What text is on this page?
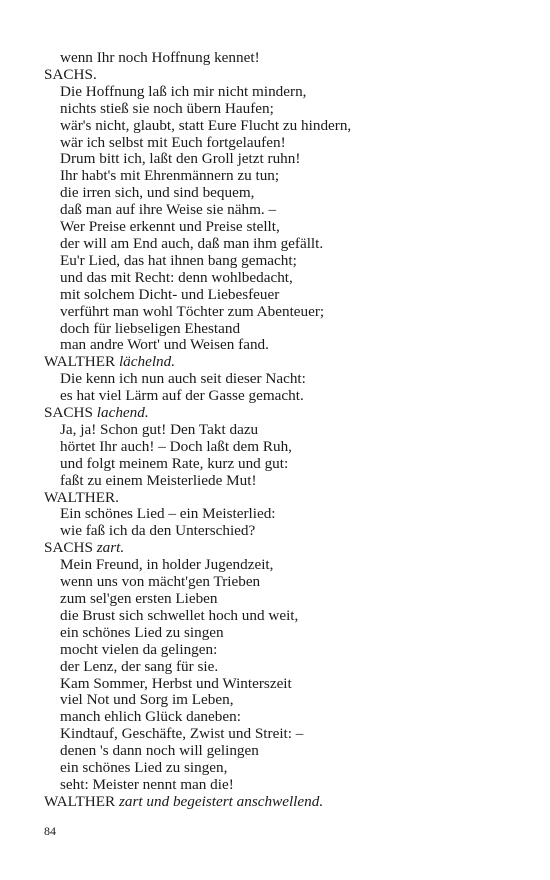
wenn Ihr noch Hoffnung kennet!
SACHS.
Die Hoffnung laß ich mir nicht mindern,
nichts stieß sie noch übern Haufen;
wär's nicht, glaubt, statt Eure Flucht zu hindern,
wär ich selbst mit Euch fortgelaufen!
Drum bitt ich, laßt den Groll jetzt ruhn!
Ihr habt's mit Ehrenmännern zu tun;
die irren sich, und sind bequem,
daß man auf ihre Weise sie nähm. –
Wer Preise erkennt und Preise stellt,
der will am End auch, daß man ihm gefällt.
Eu'r Lied, das hat ihnen bang gemacht;
und das mit Recht: denn wohlbedacht,
mit solchem Dicht- und Liebesfeuer
verführt man wohl Töchter zum Abenteuer;
doch für liebseligen Ehestand
man andre Wort' und Weisen fand.
WALTHER lächelnd.
Die kenn ich nun auch seit dieser Nacht:
es hat viel Lärm auf der Gasse gemacht.
SACHS lachend.
Ja, ja! Schon gut! Den Takt dazu
hörtet Ihr auch! – Doch laßt dem Ruh,
und folgt meinem Rate, kurz und gut:
faßt zu einem Meisterliede Mut!
WALTHER.
Ein schönes Lied – ein Meisterlied:
wie faß ich da den Unterschied?
SACHS zart.
Mein Freund, in holder Jugendzeit,
wenn uns von mächt'gen Trieben
zum sel'gen ersten Lieben
die Brust sich schwellet hoch und weit,
ein schönes Lied zu singen
mocht vielen da gelingen:
der Lenz, der sang für sie.
Kam Sommer, Herbst und Winterszeit
viel Not und Sorg im Leben,
manch ehlich Glück daneben:
Kindtauf, Geschäfte, Zwist und Streit: –
denen 's dann noch will gelingen
ein schönes Lied zu singen,
seht: Meister nennt man die!
WALTHER zart und begeistert anschwellend.
84
